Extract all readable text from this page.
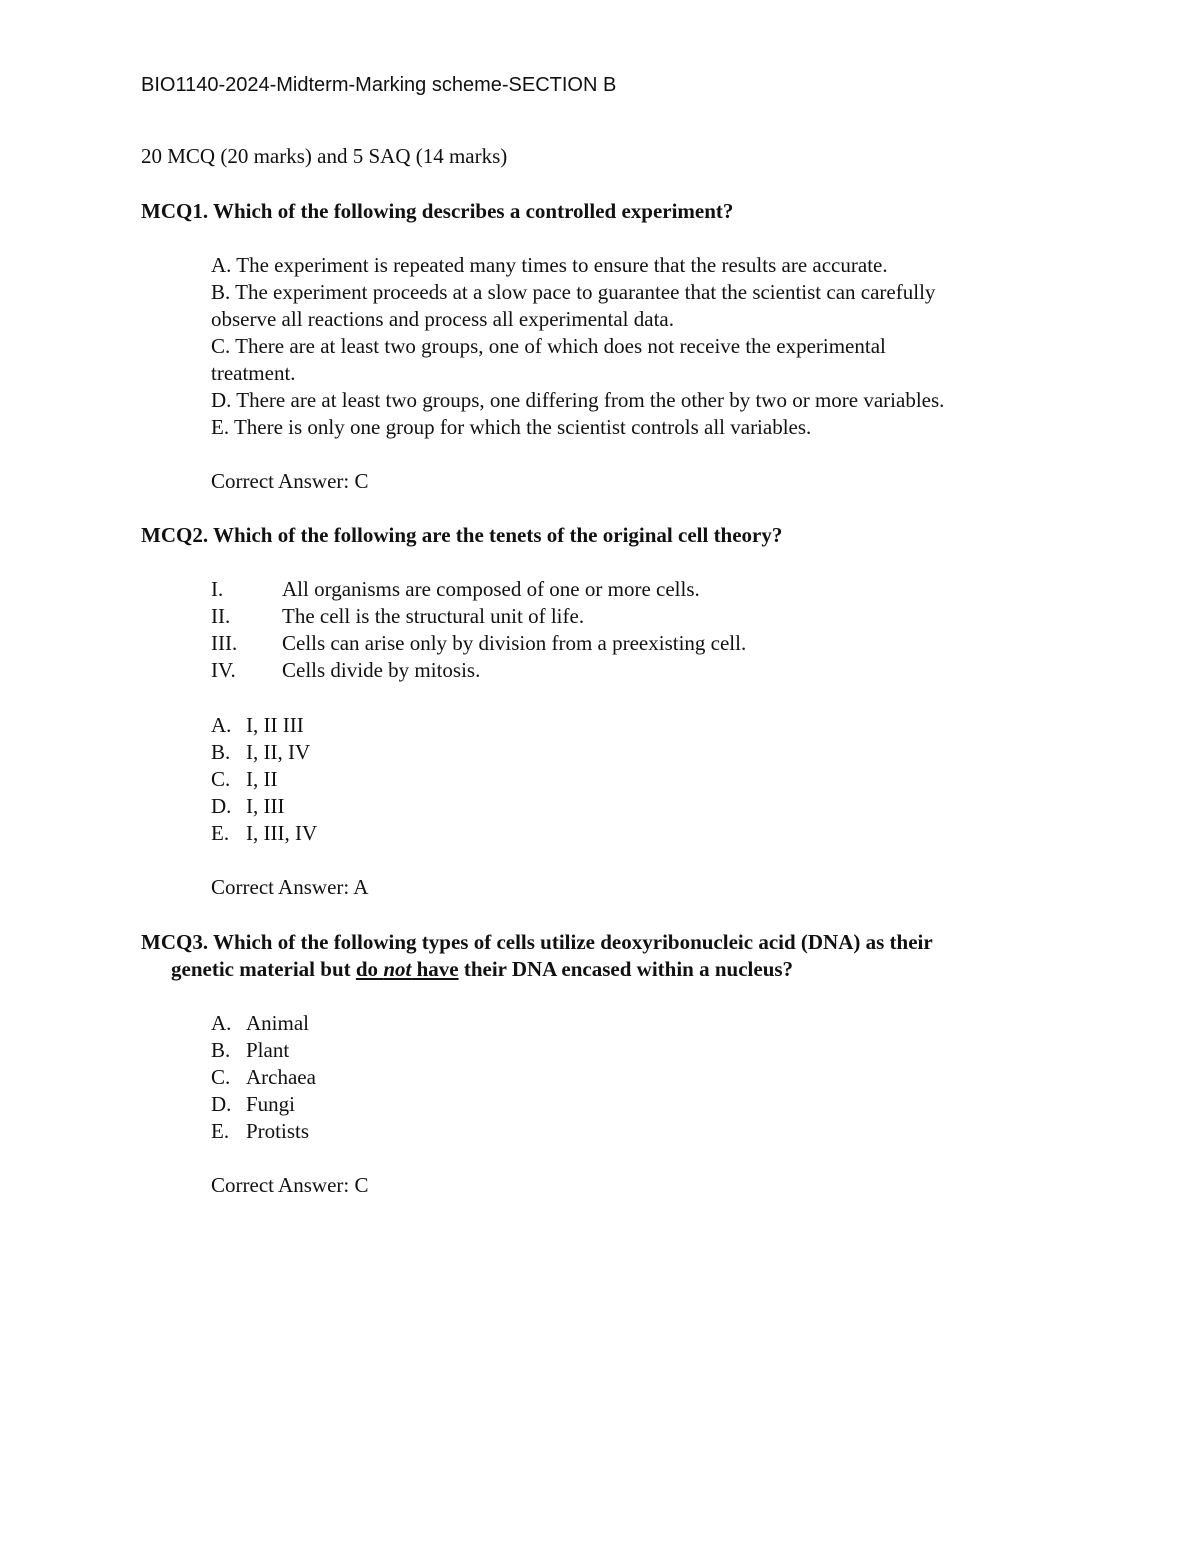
BIO1140-2024-Midterm-Marking scheme-SECTION B
20 MCQ (20 marks) and 5 SAQ (14 marks)
MCQ1. Which of the following describes a controlled experiment?
A. The experiment is repeated many times to ensure that the results are accurate.
B. The experiment proceeds at a slow pace to guarantee that the scientist can carefully
observe all reactions and process all experimental data.
C. There are at least two groups, one of which does not receive the experimental
treatment.
D. There are at least two groups, one differing from the other by two or more variables.
E. There is only one group for which the scientist controls all variables.
Correct Answer: C
MCQ2. Which of the following are the tenets of the original cell theory?
I.	All organisms are composed of one or more cells.
II. The cell is the structural unit of life.
III. Cells can arise only by division from a preexisting cell.
IV. Cells divide by mitosis.
A. I, II III
B. I, II, IV
C. I, II
D. I, III
E. I, III, IV
Correct Answer: A
MCQ3. Which of the following types of cells utilize deoxyribonucleic acid (DNA) as their
genetic material but do not have their DNA encased within a nucleus?
A. Animal
B. Plant
C. Archaea
D. Fungi
E. Protists
Correct Answer: C
